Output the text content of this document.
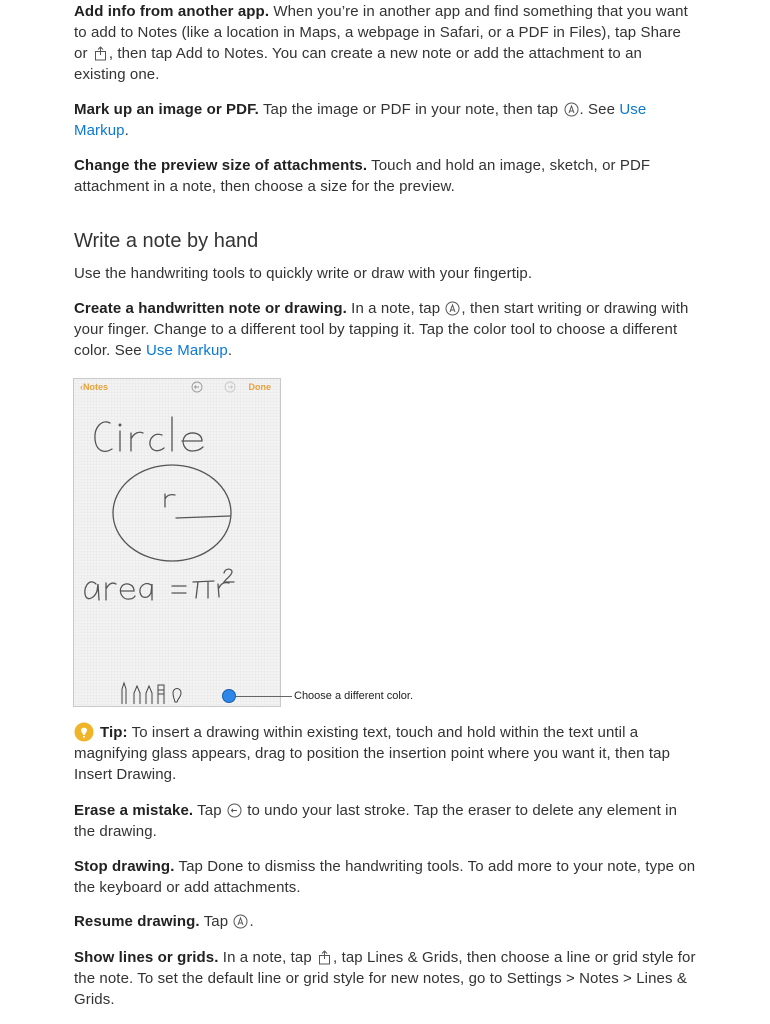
Add info from another app. When you’re in another app and find something that you want to add to Notes (like a location in Maps, a webpage in Safari, or a PDF in Files), tap Share or , then tap Add to Notes. You can create a new note or add the attachment to an existing one.

Mark up an image or PDF. Tap the image or PDF in your note, then tap . See Use Markup.

Change the preview size of attachments. Touch and hold an image, sketch, or PDF attachment in a note, then choose a size for the preview.

Write a note by hand

Use the handwriting tools to quickly write or draw with your fingertip.

Create a handwritten note or drawing. In a note, tap , then start writing or drawing with your finger. Change to a different tool by tapping it. Tap the color tool to choose a different color. See Use Markup.

‹Notes	Done
Choose a different color.

Tip: To insert a drawing within existing text, touch and hold within the text until a magnifying glass appears, drag to position the insertion point where you want it, then tap Insert Drawing.

Erase a mistake. Tap  to undo your last stroke. Tap the eraser to delete any element in the drawing.

Stop drawing. Tap Done to dismiss the handwriting tools. To add more to your note, type on the keyboard or add attachments.

Resume drawing. Tap .

Show lines or grids. In a note, tap , tap Lines & Grids, then choose a line or grid style for the note. To set the default line or grid style for new notes, go to Settings > Notes > Lines & Grids.
